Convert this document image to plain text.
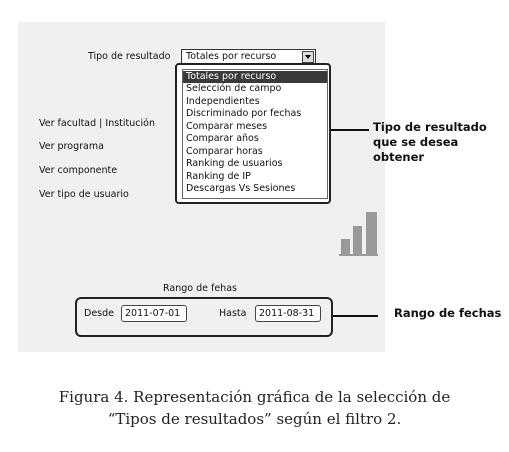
Tipo de resultado Totales por recurso
Totales por recurso
Selección de campo
Independientes
Discriminado por fechas
Comparar meses
Comparar años
Comparar horas
Ranking de usuarios
Ranking de IP
Descargas Vs Sesiones
Ver facultad | Institución
Ver programa
Ver componente
Ver tipo de usuario
Tipo de resultado que se desea obtener
Rango de fehas
Desde	2011-07-01	Hasta	2011-08-31	Rango de fechas
Figura 4. Representación gráfica de la selección de
“Tipos de resultados” según el filtro 2.
